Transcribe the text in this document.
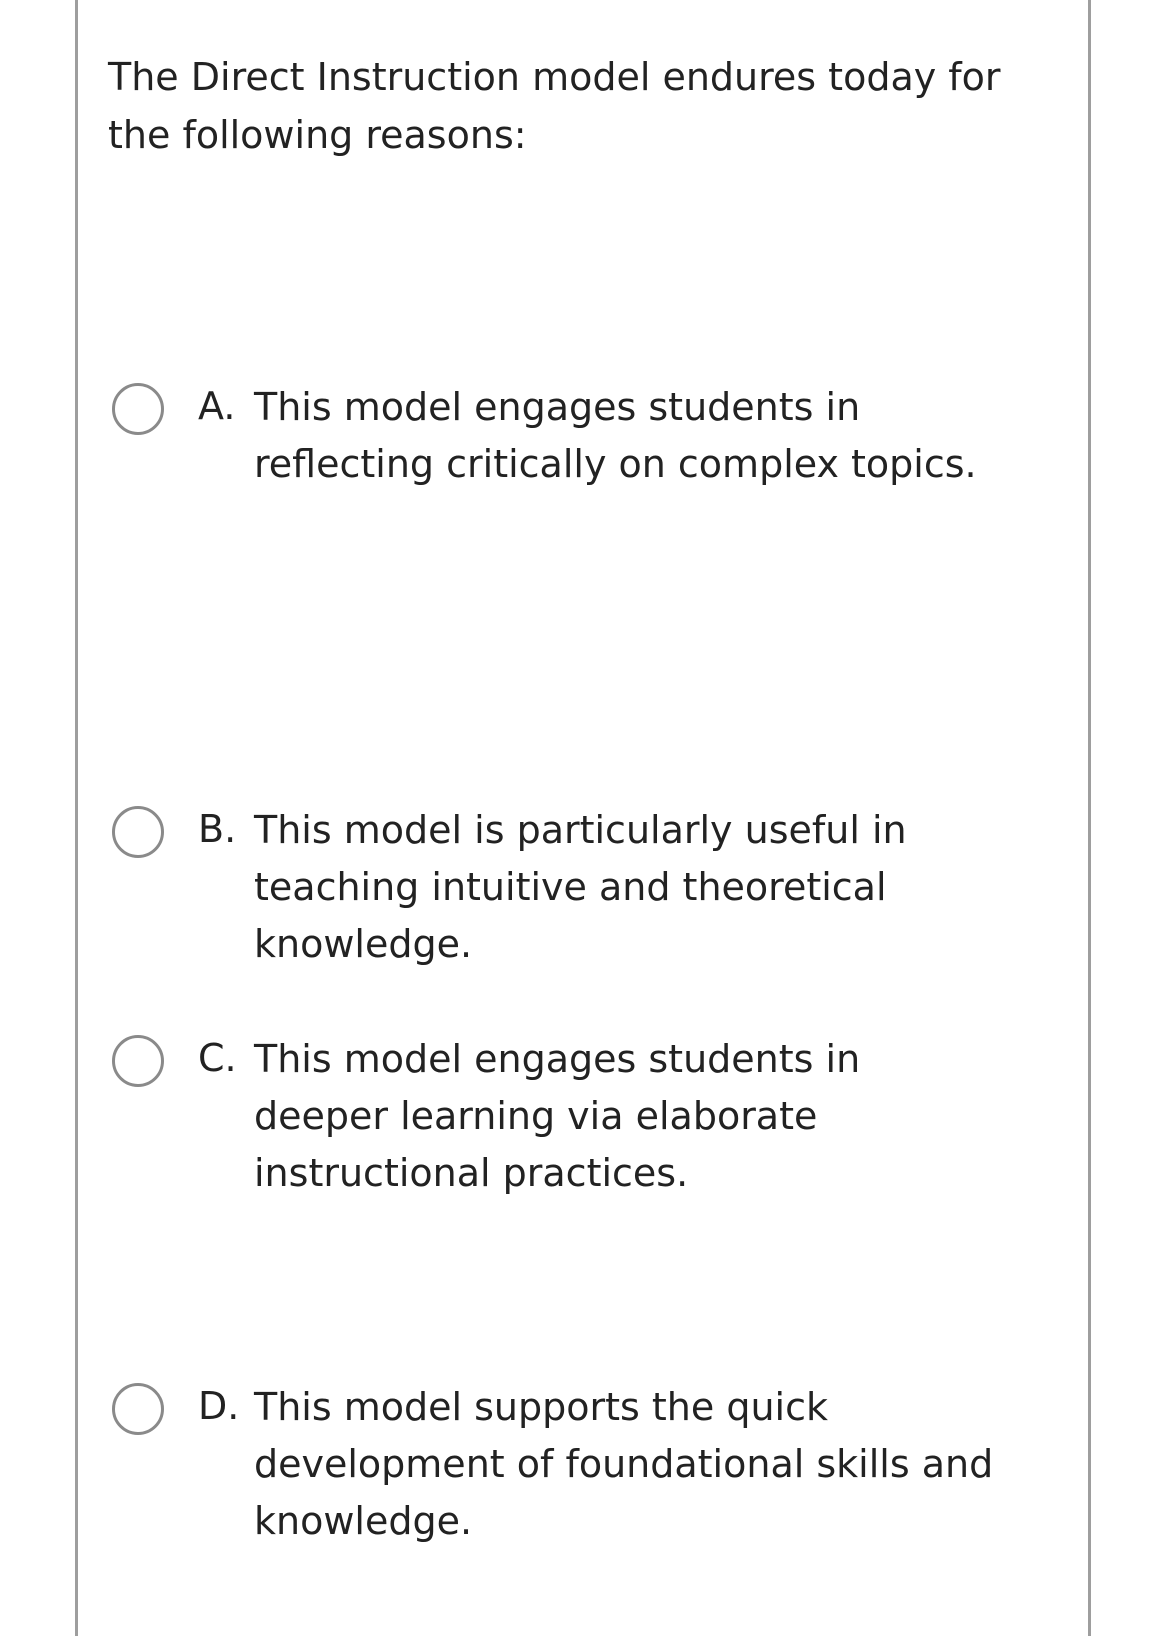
The Direct Instruction model endures today for the following reasons:
A. This model engages students in reflecting critically on complex topics.
B. This model is particularly useful in teaching intuitive and theoretical knowledge.
C. This model engages students in deeper learning via elaborate instructional practices.
D. This model supports the quick development of foundational skills and knowledge.
